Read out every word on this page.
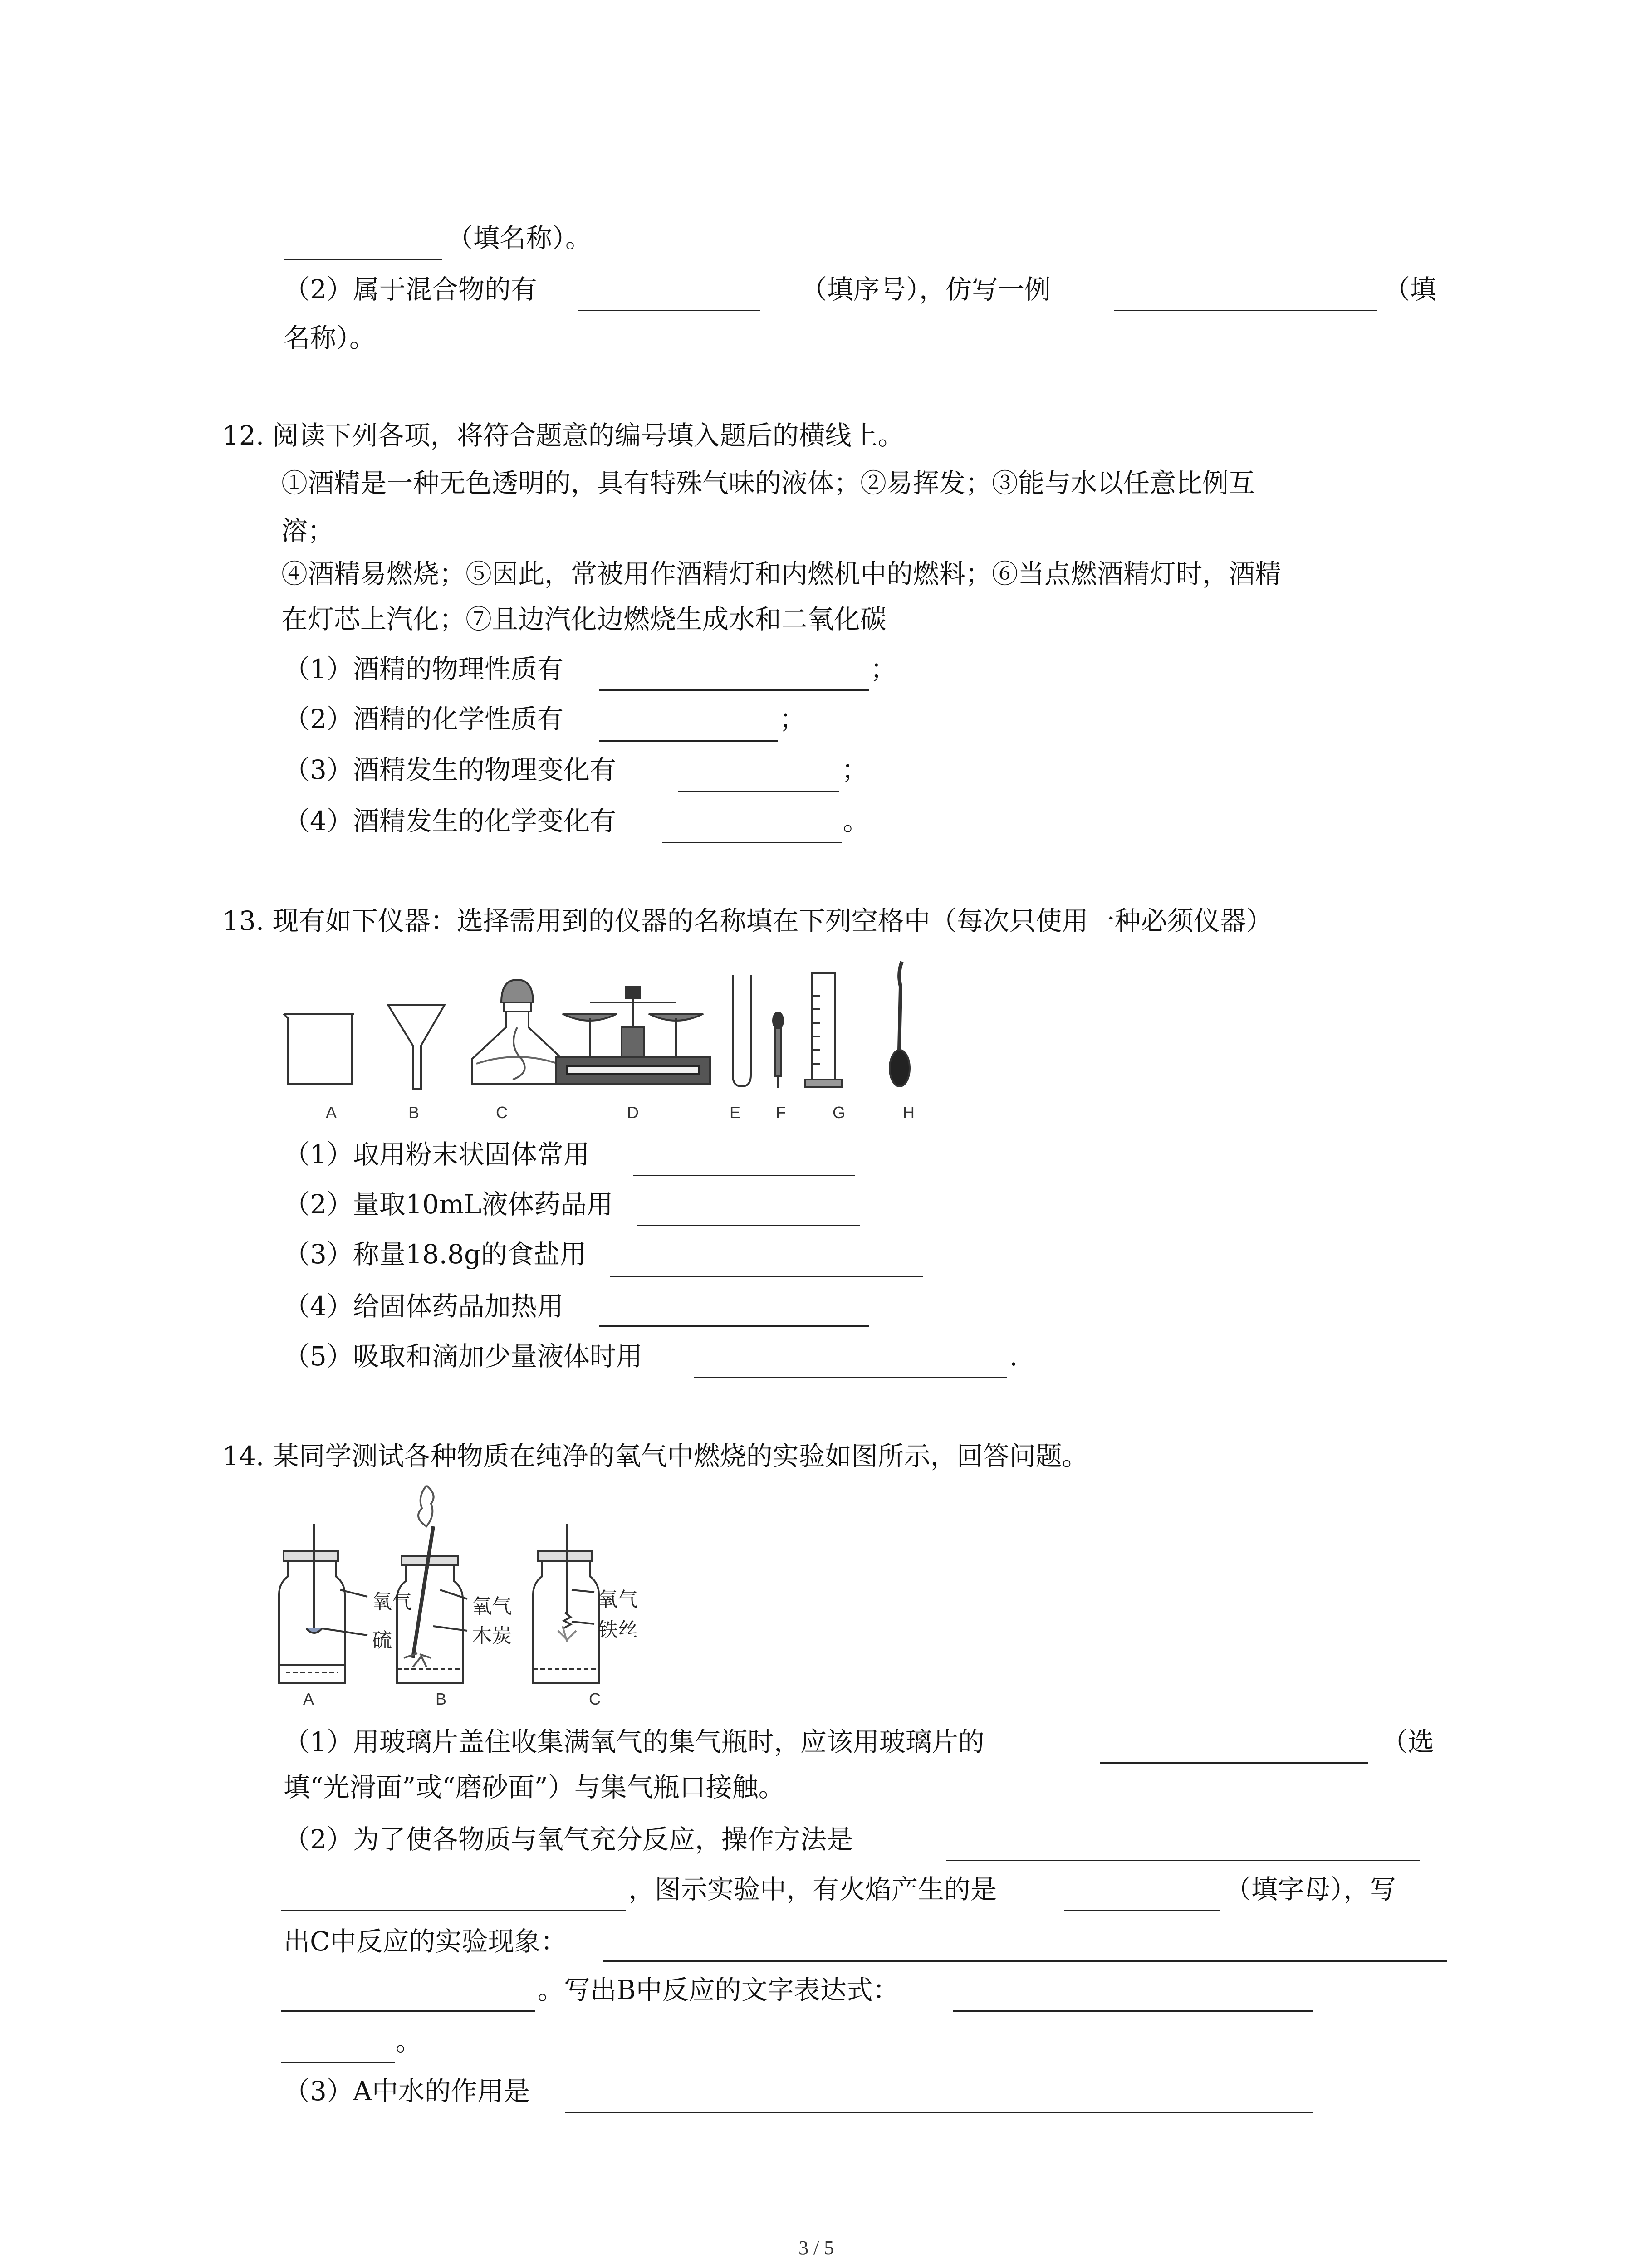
（填名称）。
（2）属于混合物的有	（填序号），仿写一例	（填
名称）。
12. 阅读下列各项，将符合题意的编号填入题后的横线上。
①酒精是一种无色透明的，具有特殊气味的液体；②易挥发；③能与水以任意比例互
溶；
④酒精易燃烧；⑤因此，常被用作酒精灯和内燃机中的燃料；⑥当点燃酒精灯时，酒精
在灯芯上汽化；⑦且边汽化边燃烧生成水和二氧化碳
（1）酒精的物理性质有	；
（2）酒精的化学性质有	；
（3）酒精发生的物理变化有	；
（4）酒精发生的化学变化有	。
13. 现有如下仪器：选择需用到的仪器的名称填在下列空格中（每次只使用一种必须仪器）
A	B	C	D	E F	G	H
（1）取用粉末状固体常用
（2）量取10mL液体药品用
（3）称量18.8g的食盐用
（4）给固体药品加热用
（5）吸取和滴加少量液体时用	.
14. 某同学测试各种物质在纯净的氧气中燃烧的实验如图所示，回答问题。
氧气
硫
氧气
木炭
氧气
铁丝
A	B	C
（1）用玻璃片盖住收集满氧气的集气瓶时，应该用玻璃片的	（选
填“光滑面”或“磨砂面”）与集气瓶口接触。
（2）为了使各物质与氧气充分反应，操作方法是
，图示实验中，有火焰产生的是	（填字母），写
出C中反应的实验现象：
。写出B中反应的文字表达式：
。
（3）A中水的作用是
3 / 5
